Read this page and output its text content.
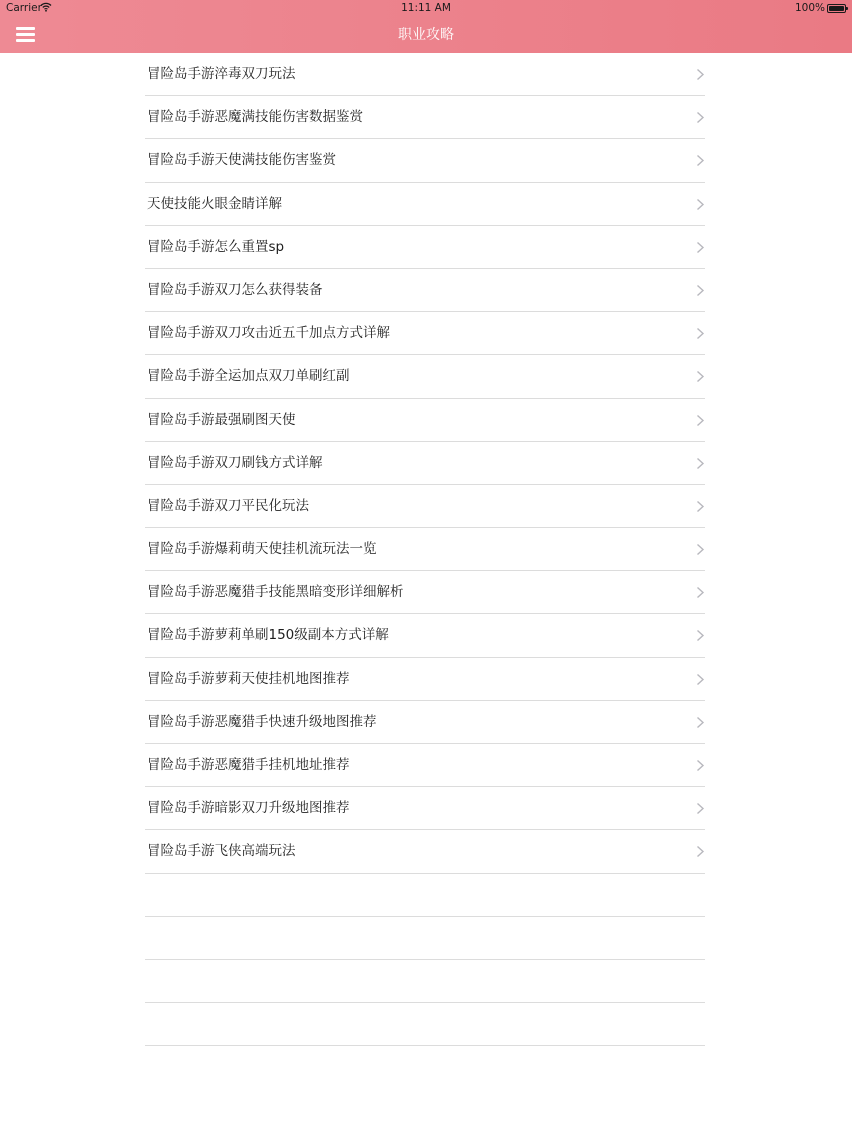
Carrier	11:11 AM	100%
职业攻略
冒险岛手游淬毒双刀玩法
冒险岛手游恶魔满技能伤害数据鉴赏
冒险岛手游天使满技能伤害鉴赏
天使技能火眼金睛详解
冒险岛手游怎么重置sp
冒险岛手游双刀怎么获得装备
冒险岛手游双刀攻击近五千加点方式详解
冒险岛手游全运加点双刀单刷红副
冒险岛手游最强刷图天使
冒险岛手游双刀刷钱方式详解
冒险岛手游双刀平民化玩法
冒险岛手游爆莉萌天使挂机流玩法一览
冒险岛手游恶魔猎手技能黑暗变形详细解析
冒险岛手游萝莉单刷150级副本方式详解
冒险岛手游萝莉天使挂机地图推荐
冒险岛手游恶魔猎手快速升级地图推荐
冒险岛手游恶魔猎手挂机地址推荐
冒险岛手游暗影双刀升级地图推荐
冒险岛手游飞侠高端玩法
